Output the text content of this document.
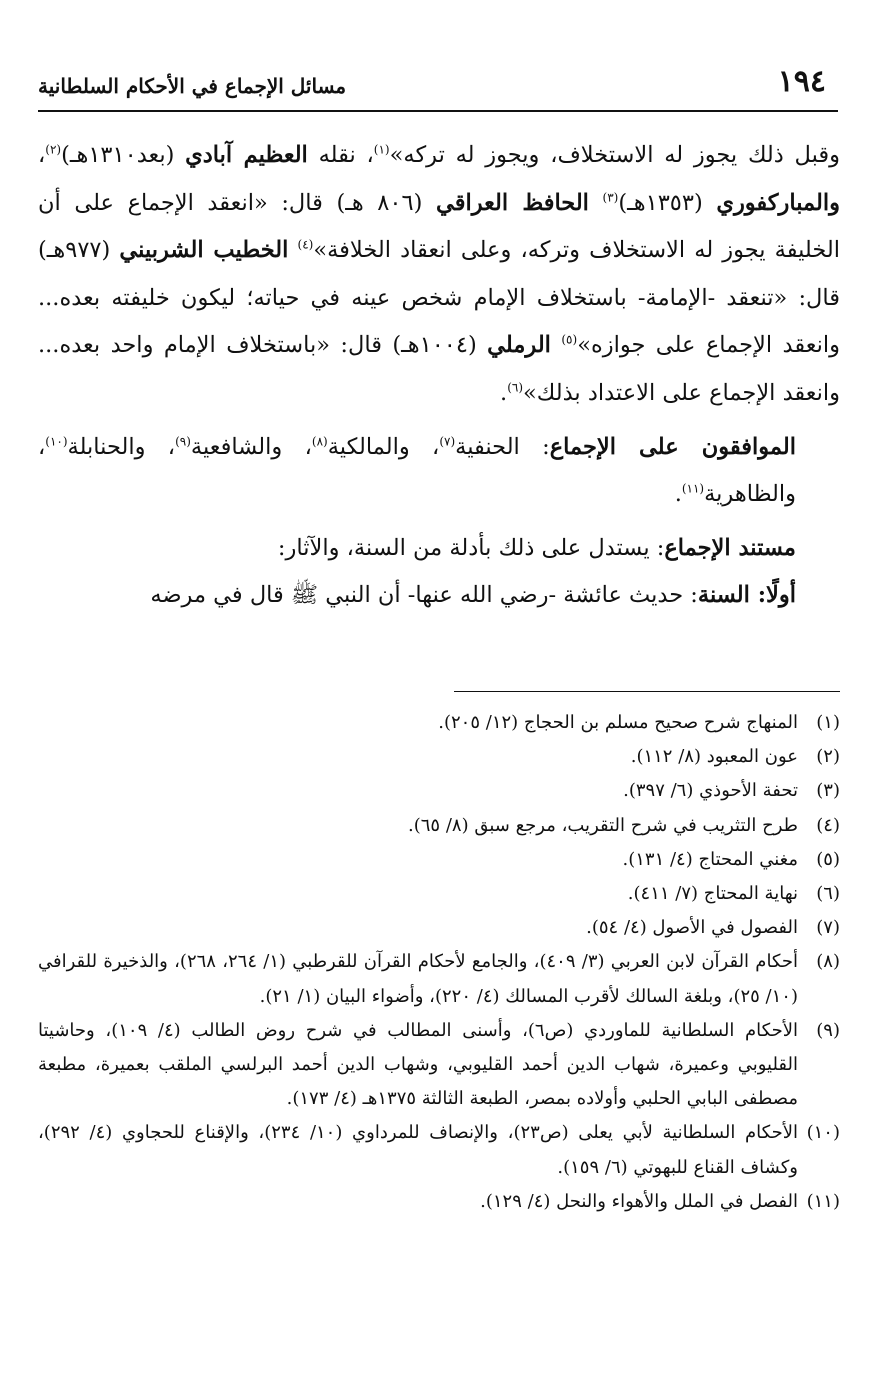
١٩٤
مسائل الإجماع في الأحكام السلطانية

وقبل ذلك يجوز له الاستخلاف، ويجوز له تركه»$^{(١)}$، نقله العظيم آبادي (بعد١٣١٠هـ)$^{(٢)}$، والمباركفوري (١٣٥٣هـ)$^{(٣)}$ الحافظ العراقي (٨٠٦ هـ) قال: «انعقد الإجماع على أن الخليفة يجوز له الاستخلاف وتركه، وعلى انعقاد الخلافة»$^{(٤)}$ الخطيب الشربيني (٩٧٧هـ) قال: «تنعقد -الإمامة- باستخلاف الإمام شخص عينه في حياته؛ ليكون خليفته بعده... وانعقد الإجماع على جوازه»$^{(٥)}$ الرملي (١٠٠٤هـ) قال: «باستخلاف الإمام واحد بعده... وانعقد الإجماع على الاعتداد بذلك»$^{(٦)}$.

الموافقون على الإجماع: الحنفية$^{(٧)}$، والمالكية$^{(٨)}$، والشافعية$^{(٩)}$، والحنابلة$^{(١٠)}$، والظاهرية$^{(١١)}$.

مستند الإجماع: يستدل على ذلك بأدلة من السنة، والآثار:

أولًا: السنة: حديث عائشة -رضي الله عنها- أن النبي ﷺ قال في مرضه

(١)
المنهاج شرح صحيح مسلم بن الحجاج (١٢/ ٢٠٥).

(٢)
عون المعبود (٨/ ١١٢).

(٣)
تحفة الأحوذي (٦/ ٣٩٧).

(٤)
طرح التثريب في شرح التقريب، مرجع سبق (٨/ ٦٥).

(٥)
مغني المحتاج (٤/ ١٣١).

(٦)
نهاية المحتاج (٧/ ٤١١).

(٧)
الفصول في الأصول (٤/ ٥٤).

(٨)
أحكام القرآن لابن العربي (٣/ ٤٠٩)، والجامع لأحكام القرآن للقرطبي (١/ ٢٦٤، ٢٦٨)، والذخيرة للقرافي (١٠/ ٢٥)، وبلغة السالك لأقرب المسالك (٤/ ٢٢٠)، وأضواء البيان (١/ ٢١).

(٩)
الأحكام السلطانية للماوردي (ص٦)، وأسنى المطالب في شرح روض الطالب (٤/ ١٠٩)، وحاشيتا القليوبي وعميرة، شهاب الدين أحمد القليوبي، وشهاب الدين أحمد البرلسي الملقب بعميرة، مطبعة مصطفى البابي الحلبي وأولاده بمصر، الطبعة الثالثة ١٣٧٥هـ (٤/ ١٧٣).

(١٠)
الأحكام السلطانية لأبي يعلى (ص٢٣)، والإنصاف للمرداوي (١٠/ ٢٣٤)، والإقناع للحجاوي (٤/ ٢٩٢)، وكشاف القناع للبهوتي (٦/ ١٥٩).

(١١)
الفصل في الملل والأهواء والنحل (٤/ ١٢٩).
